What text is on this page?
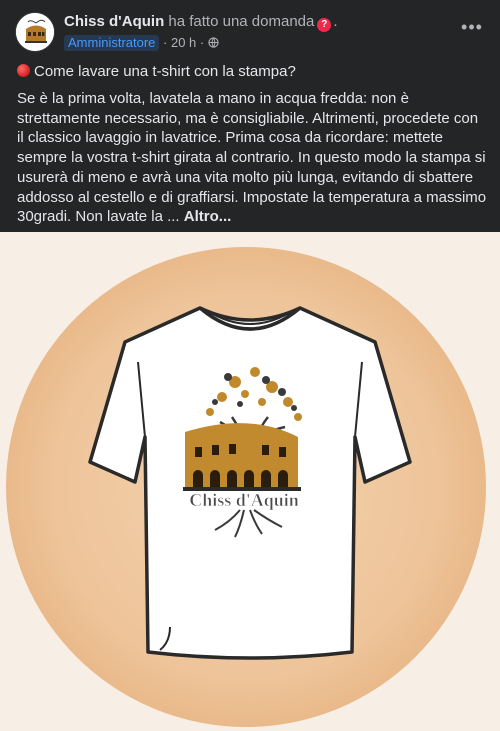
Chiss d'Aquin ha fatto una domanda ? .
Amministratore · 20 h ·
•••
Come lavare una t-shirt con la stampa?
Se è la prima volta, lavatela a mano in acqua fredda: non è strettamente necessario, ma è consigliabile. Altrimenti, procedete con il classico lavaggio in lavatrice. Prima cosa da ricordare: mettete sempre la vostra t-shirt girata al contrario. In questo modo la stampa si usurerà di meno e avrà una vita molto più lunga, evitando di sbattere addosso al cestello e di graffiarsi. Impostate la temperatura a massimo 30gradi. Non lavate la ... Altro...
Chiss d'Aquin
